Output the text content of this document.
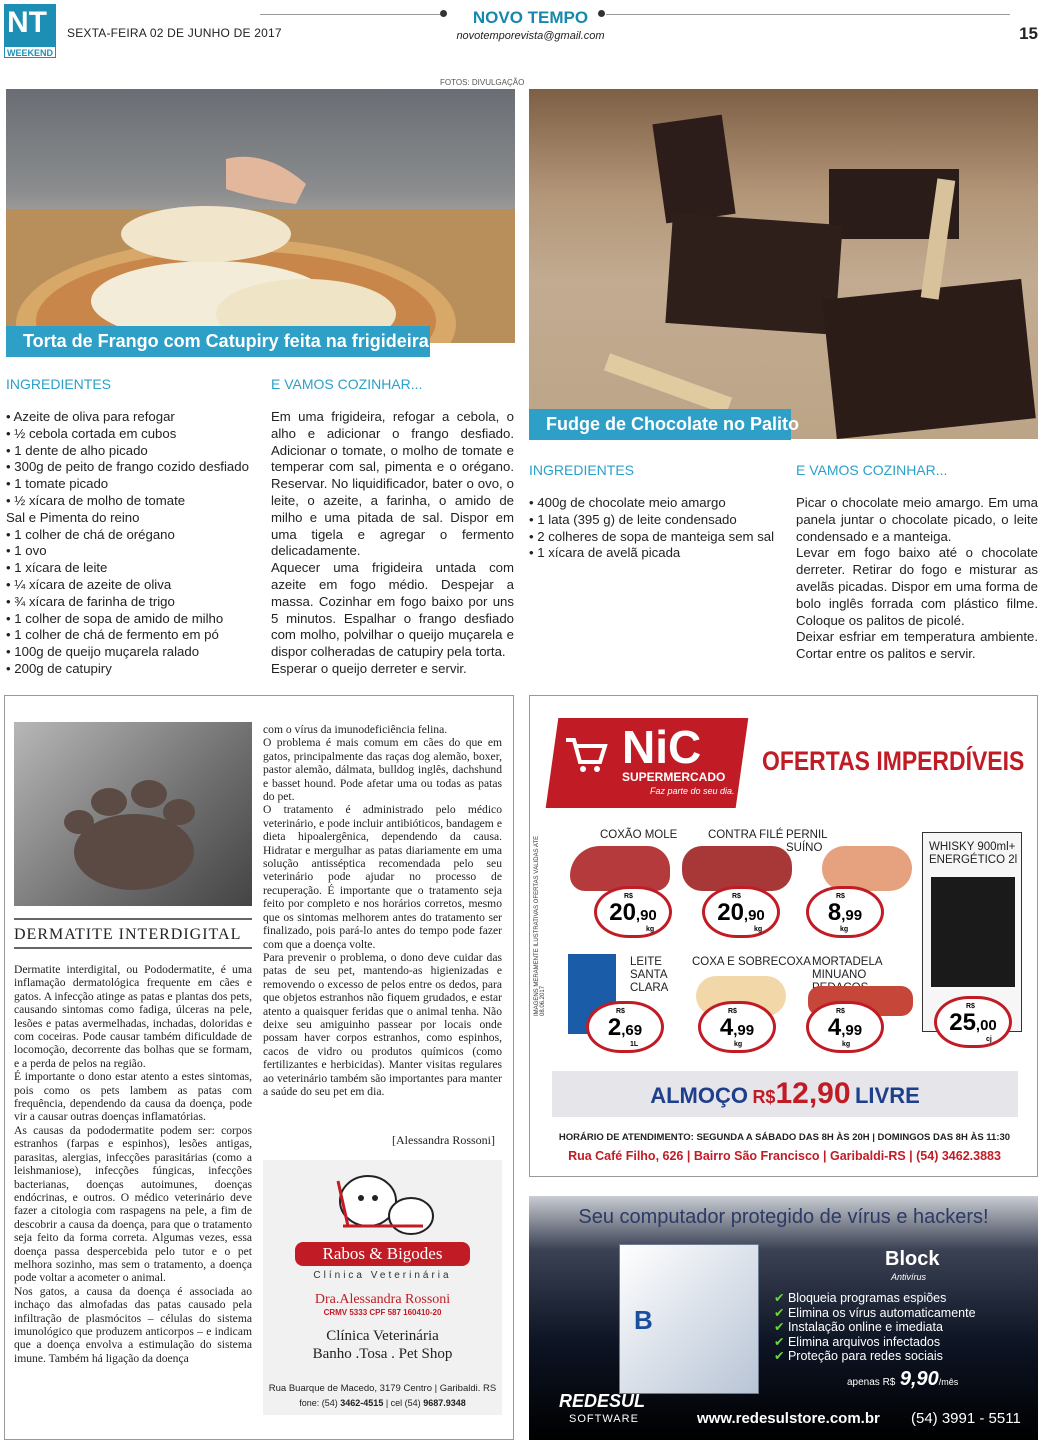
NT
WEEKEND
SEXTA-FEIRA 02 DE JUNHO DE 2017
NOVO TEMPO
novotemporevista@gmail.com	15
FOTOS: DIVULGAÇÃO
Torta de Frango com Catupiry feita na frigideira
INGREDIENTES
• Azeite de oliva para refogar
• ½ cebola cortada em cubos
• 1 dente de alho picado
• 300g de peito de frango cozido desfiado
• 1 tomate picado
• ½ xícara de molho de tomate
Sal e Pimenta do reino
• 1 colher de chá de orégano
• 1 ovo
• 1 xícara de leite
• ¼ xícara de azeite de oliva
• ¾ xícara de farinha de trigo
• 1 colher de sopa de amido de milho
• 1 colher de chá de fermento em pó
• 100g de queijo muçarela ralado
• 200g de catupiry
E VAMOS COZINHAR...

Em uma frigideira, refogar a cebola, o alho e adicionar o frango desfiado. Adicionar o tomate, o molho de tomate e temperar com sal, pimenta e o orégano. Reservar. No liquidificador, bater o ovo, o leite, o azeite, a farinha, o amido de milho e uma pitada de sal. Dispor em uma tigela e agregar o fermento delicadamente.

Aquecer uma frigideira untada com azeite em fogo médio. Despejar a massa. Cozinhar em fogo baixo por uns 5 minutos. Espalhar o frango desfiado com molho, polvilhar o queijo muçarela e dispor colheradas de catupiry pela torta.

Esperar o queijo derreter e servir.

Fudge de Chocolate no Palito
INGREDIENTES
• 400g de chocolate meio amargo
• 1 lata (395 g) de leite condensado
• 2 colheres de sopa de manteiga sem sal
• 1 xícara de avelã picada
E VAMOS COZINHAR...

Picar o chocolate meio amargo. Em uma panela juntar o chocolate picado, o leite condensado e a manteiga.

Levar em fogo baixo até o chocolate derreter. Retirar do fogo e misturar as avelãs picadas. Dispor em uma forma de bolo inglês forrada com plástico filme. Coloque os palitos de picolé.

Deixar esfriar em temperatura ambiente. Cortar entre os palitos e servir.

DERMATITE INTERDIGITAL

Dermatite interdigital, ou Pododermatite, é uma inflamação dermatológica frequente em cães e gatos. A infecção atinge as patas e plantas dos pets, causando sintomas como fadiga, úlceras na pele, lesões e patas avermelhadas, inchadas, doloridas e com coceiras. Pode causar também dificuldade de locomoção, decorrente das bolhas que se formam, e a perda de pelos na região.

É importante o dono estar atento a estes sintomas, pois como os pets lambem as patas com frequência, dependendo da causa da doença, pode vir a causar outras doenças inflamatórias.

As causas da pododermatite podem ser: corpos estranhos (farpas e espinhos), lesões antigas, parasitas, alergias, infecções parasitárias (como a leishmaniose), infecções fúngicas, infecções bacterianas, doenças autoimunes, doenças endócrinas, e outros. O médico veterinário deve fazer a citologia com raspagens na pele, a fim de descobrir a causa da doença, para que o tratamento seja feito da forma correta. Algumas vezes, essa doença passa despercebida pelo tutor e o pet melhora sozinho, mas sem o tratamento, a doença pode voltar a acometer o animal.

Nos gatos, a causa da doença é associada ao inchaço das almofadas das patas causado pela infiltração de plasmócitos – células do sistema imunológico que produzem anticorpos – e indicam que a doença envolva a estimulação do sistema imune. Também há ligação da doença

com o vírus da imunodeficiência felina.

O problema é mais comum em cães do que em gatos, principalmente das raças dog alemão, boxer, pastor alemão, dálmata, bulldog inglês, dachshund e basset hound. Pode afetar uma ou todas as patas do pet.

O tratamento é administrado pelo médico veterinário, e pode incluir antibióticos, bandagem e dieta hipoalergênica, dependendo da causa. Hidratar e mergulhar as patas diariamente em uma solução antisséptica recomendada pelo seu veterinário pode ajudar no processo de recuperação. É importante que o tratamento seja feito por completo e nos horários corretos, mesmo que os sintomas melhorem antes do tratamento ser finalizado, pois pará-lo antes do tempo pode fazer com que a doença volte.

Para prevenir o problema, o dono deve cuidar das patas de seu pet, mantendo-as higienizadas e removendo o excesso de pelos entre os dedos, para que objetos estranhos não fiquem grudados, e estar atento a quaisquer feridas que o animal tenha. Não deixe seu amiguinho passear por locais onde possam haver corpos estranhos, como espinhos, cacos de vidro ou produtos químicos (como fertilizantes e herbicidas). Manter visitas regulares ao veterinário também são importantes para manter a saúde do seu pet em dia.

[Alessandra Rossoni]
Rabos & Bigodes
Clínica Veterinária
Dra.Alessandra Rossoni
CRMV 5333 CPF 587 160410-20
Clínica Veterinária
Banho .Tosa . Pet Shop
Rua Buarque de Macedo, 3179 Centro | Garibaldi. RS
fone: (54) 3462-4515 | cel (54) 9687.9348
NiC
SUPERMERCADO
Faz parte do seu dia.
OFERTAS IMPERDÍVEIS
IMAGENS MERAMENTE ILUSTRATIVAS OFERTAS VÁLIDAS ATÉ 08.06.2017
COXÃO MOLE
20,90
R$
kg
CONTRA FILÉ
20,90
R$
kg
PERNIL SUÍNO
8,99
R$
kg
WHISKY 900ml+ ENERGÉTICO 2l
25,00
R$
cj
LEITE SANTA CLARA
2,69
R$
1L
COXA E SOBRECOXA
4,99
R$
kg
MORTADELA MINUANO
4,99
R$
kg
ALMOÇO R$12,90 LIVRE
HORÁRIO DE ATENDIMENTO: SEGUNDA A SÁBADO DAS 8H ÀS 20H | DOMINGOS DAS 8H ÀS 11:30
Rua Café Filho, 626 | Bairro São Francisco | Garibaldi-RS | (54) 3462.3883
Seu computador protegido de vírus e hackers!
B
Block
Antivírus
✔ Bloqueia programas espiões
✔ Elimina os vírus automaticamente
✔ Instalação online e imediata
✔ Elimina arquivos infectados
✔ Proteção para redes sociais
apenas R$ 9,90/mês
REDESUL
SOFTWARE	www.redesulstore.com.br (54) 3991 - 5511
